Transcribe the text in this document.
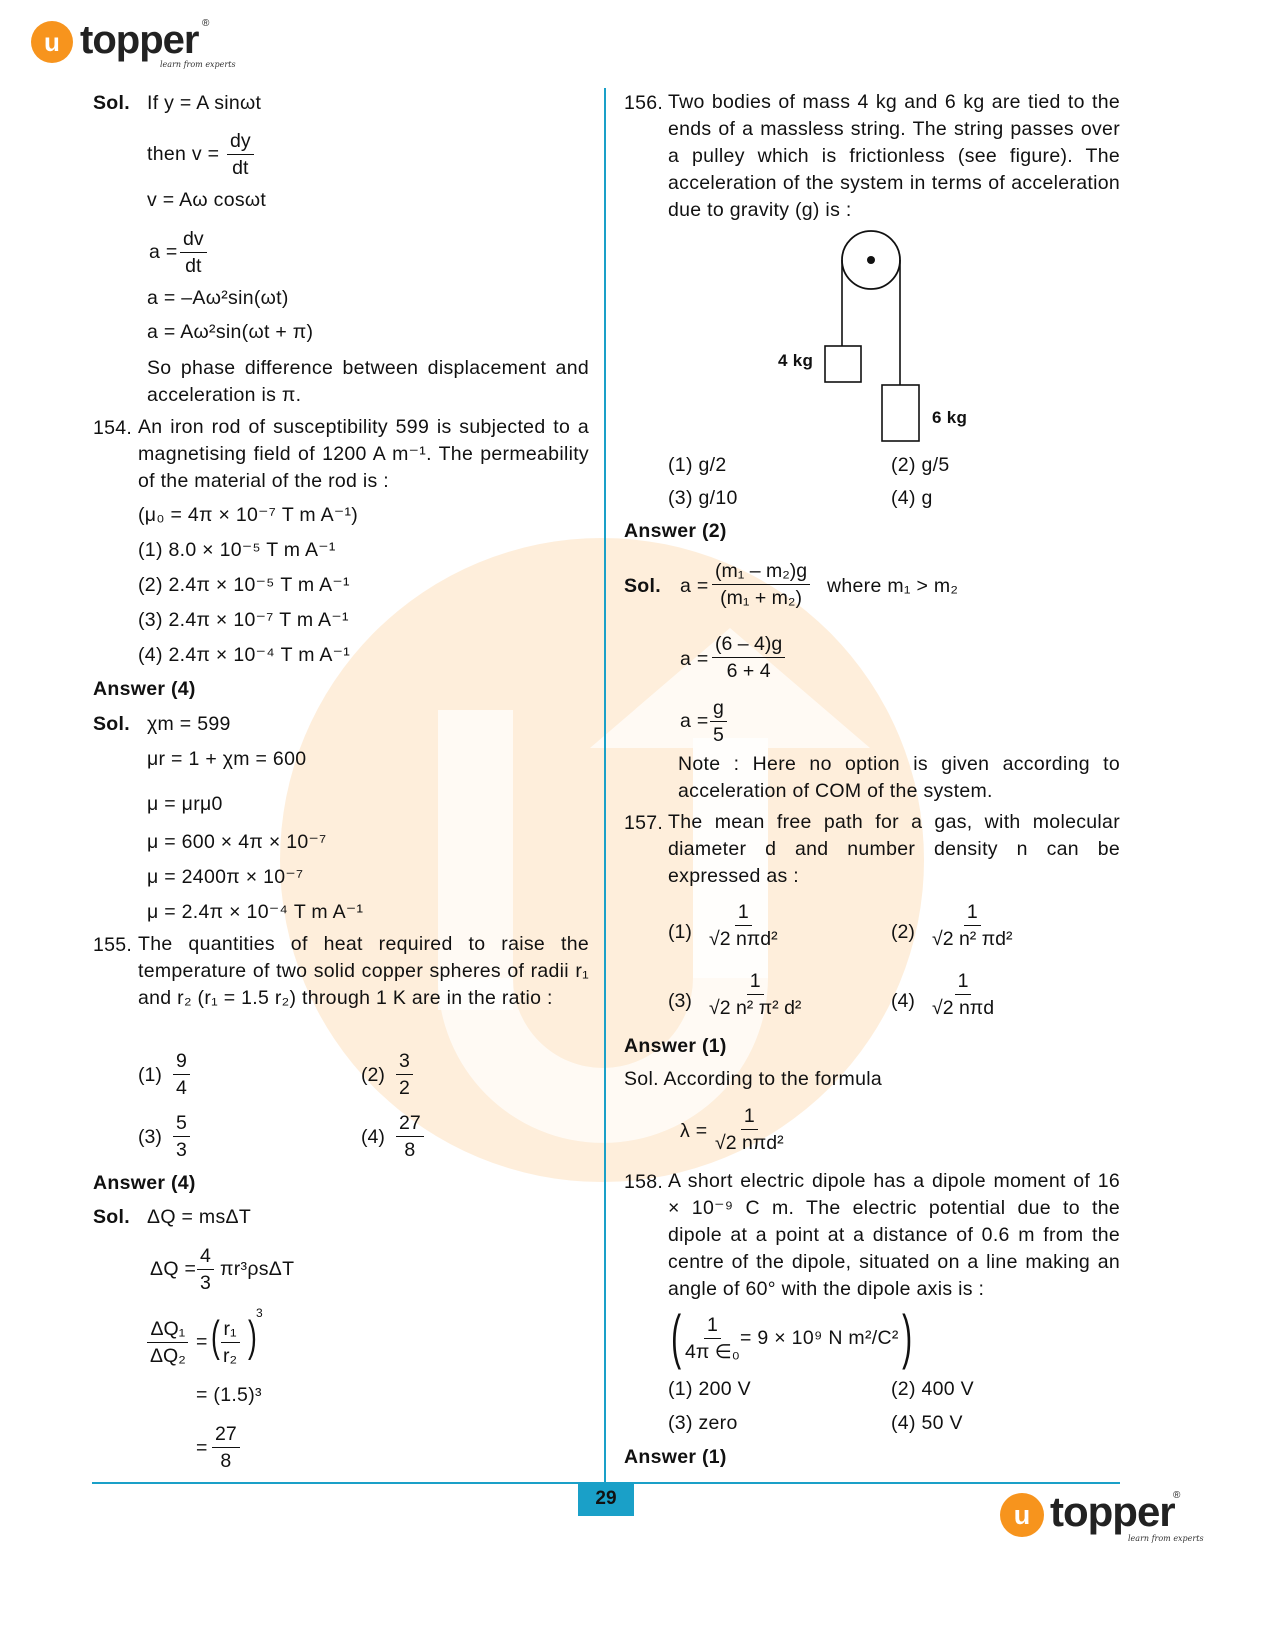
u topper ®
learn from experts
Sol. If y = A sinωt
then $v = \frac{dy}{dt}$
v = Aω cosωt
$a = \frac{dv}{dt}$
a = –Aω²sin(ωt)
a = Aω²sin(ωt + π)
So phase difference between displacement and acceleration is π.
154. An iron rod of susceptibility 599 is subjected to a magnetising field of 1200 A m⁻¹. The permeability of the material of the rod is :
(μ₀ = 4π × 10⁻⁷ T m A⁻¹)
(1) 8.0 × 10⁻⁵ T m A⁻¹
(2) 2.4π × 10⁻⁵ T m A⁻¹
(3) 2.4π × 10⁻⁷ T m A⁻¹
(4) 2.4π × 10⁻⁴ T m A⁻¹
Answer (4)
Sol. χm = 599
μr = 1 + χm = 600
μ = μrμ0
μ = 600 × 4π × 10⁻⁷
μ = 2400π × 10⁻⁷
μ = 2.4π × 10⁻⁴ T m A⁻¹
155. The quantities of heat required to raise the temperature of two solid copper spheres of radii r₁ and r₂ (r₁ = 1.5 r₂) through 1 K are in the ratio :
$(1) \frac{9}{4}$	$(2) \frac{3}{2}$
$(3) \frac{5}{3}$	$(4) \frac{27}{8}$
Answer (4)
Sol. ΔQ = msΔT
$\Delta Q = \frac{4}{3} \pi r^3\rho s\Delta T$
$\frac{\text{ΔQ₁}}{\text{ΔQ₂}}$ = ( $\frac{\text{r₁}}{\text{r₂}}$ ) 3
= (1.5)³
= $\frac{27}{8}$
156. Two bodies of mass 4 kg and 6 kg are tied to the ends of a massless string. The string passes over a pulley which is frictionless (see figure). The acceleration of the system in terms of acceleration due to gravity (g) is :
4 kg
6 kg
(1) g/2	(2) g/5
(3) g/10	(4) g
Answer (2)
Sol. $a = \frac{\text{(m₁ – m₂)g}}{\text{(m₁ + m₂)}}$ where m₁ > m₂
$a = \frac{(6 - 4)g}{6 + 4}$
$a = \frac{g}{5}$
Note : Here no option is given according to acceleration of COM of the system.
157. The mean free path for a gas, with molecular diameter d and number density n can be expressed as :
(1)
1
√2 nπd²	$(2) \frac{1}{\text{√2 n² πd²}}$
$(3) \frac{1}{\text{√2 n² π² d²}}$	(4)
1
√2 nπd
Answer (1)
Sol. According to the formula
λ =
1
√2 nπd²
158. A short electric dipole has a dipole moment of 16 × 10⁻⁹ C m. The electric potential due to the dipole at a point at a distance of 0.6 m from the centre of the dipole, situated on a line making an angle of 60° with the dipole axis is :
( $\frac{1}{\text{4π ∈₀}}$
= 9 × 10⁹ N m²/C² )
(1) 200 V	(2) 400 V
(3) zero	(4) 50 V
Answer (1)
29
u topper
®
learn from experts
